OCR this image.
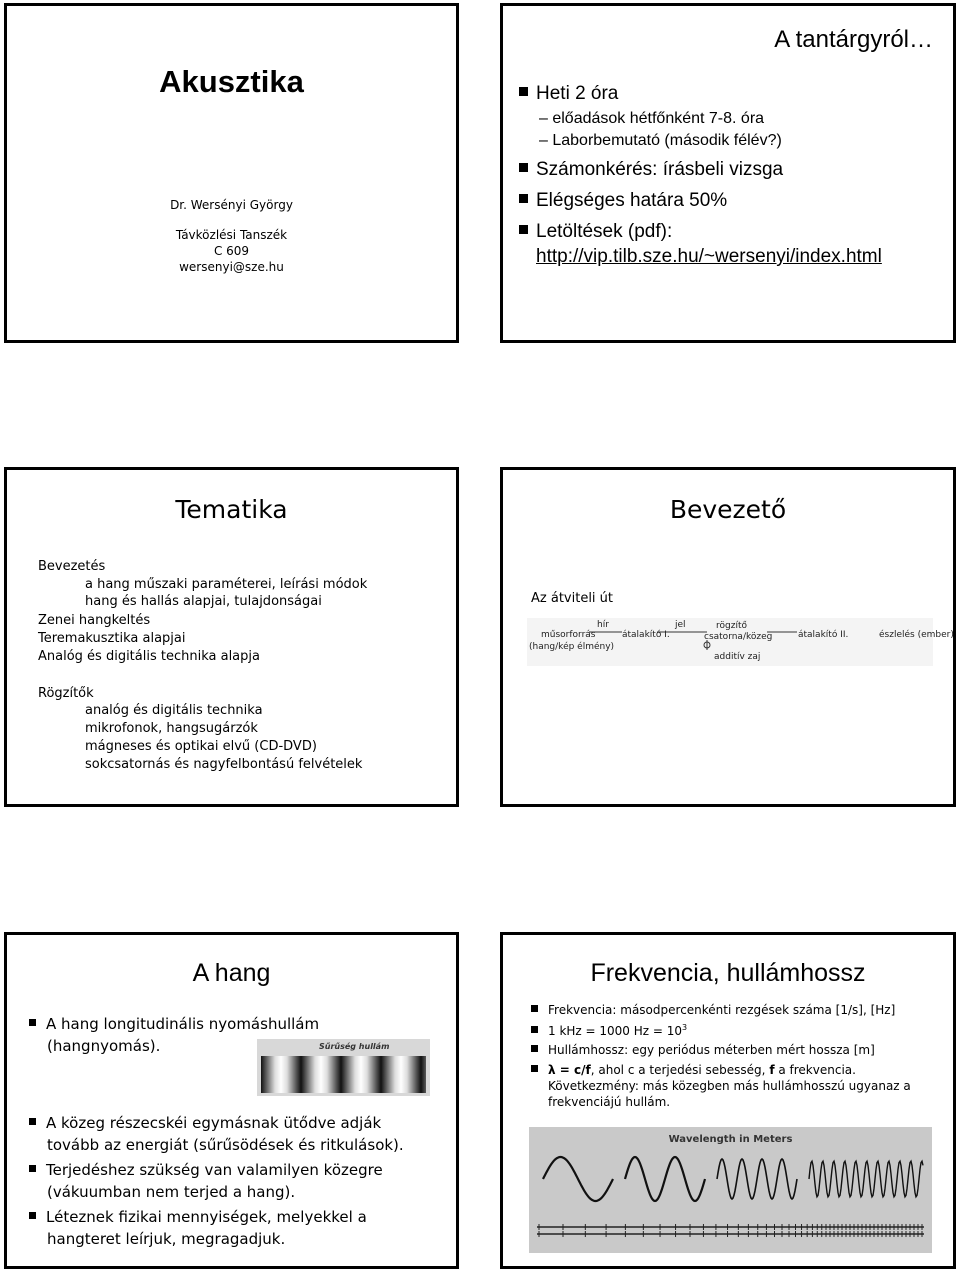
Akusztika
Dr. Wersényi György
Távközlési Tanszék
C 609
wersenyi@sze.hu
A tantárgyról…
Heti 2 óra
– előadások hétfőnként 7-8. óra
– Laborbemutató (második félév?)
Számonkérés: írásbeli vizsga
Elégséges határa 50%
Letöltések (pdf):
http://vip.tilb.sze.hu/~wersenyi/index.html
Tematika
Bevezetés
a hang műszaki paraméterei, leírási módok
hang és hallás alapjai, tulajdonságai
Zenei hangkeltés
Teremakusztika alapjai
Analóg és digitális technika alapja
Rögzítők
analóg és digitális technika
mikrofonok, hangsugárzók
mágneses és optikai elvű (CD-DVD)
sokcsatornás és nagyfelbontású felvételek
Bevezető
Az átviteli út
műsorforrás
(hang/kép élmény)
hír
átalakító I.
jel	rögzítő
csatorna/közeg
additív zaj
átalakító II.	észlelés (ember)
A hang
A hang longitudinális nyomáshullám
(hangnyomás).	Sűrűség hullám
A közeg részecskéi egymásnak ütődve adják
tovább az energiát (sűrűsödések és ritkulások).
Terjedéshez szükség van valamilyen közegre
(vákuumban nem terjed a hang).
Léteznek fizikai mennyiségek, melyekkel a
hangteret leírjuk, megragadjuk.
Frekvencia, hullámhossz
Frekvencia: másodpercenkénti rezgések száma [1/s], [Hz]
1 kHz = 1000 $Hz = 10^3$
Hullámhossz: egy periódus méterben mért hossza [m]
λ = c/f, ahol c a terjedési sebesség, f a frekvencia.
Következmény: más közegben más hullámhosszú ugyanaz a
frekvenciájú hullám.
Wavelength in Meters
